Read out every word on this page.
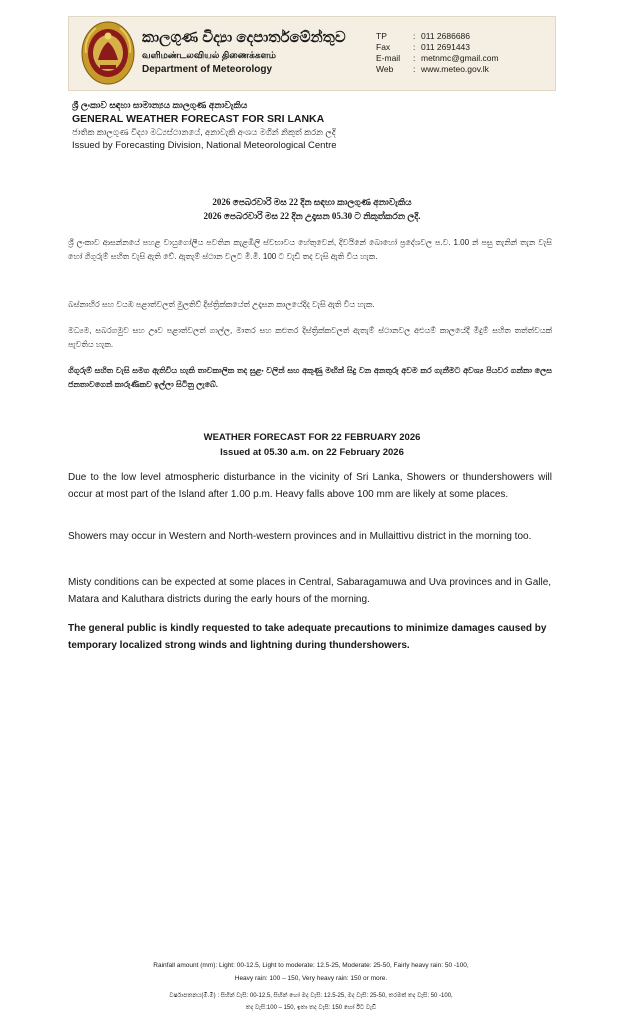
කාලගුණ විද්‍යා දෙපාර්තමේන්තුව

வளிமண்டலவியல் திணைக்களம்

Department of Meteorology

TP	: 011 2686686
Fax	: 011 2691443
E-mail	: metnmc@gmail.com
Web	: www.meteo.gov.lk
ශ්‍රී ලංකාව සඳහා සාමාන්‍යය කාලගුණ අනාවැකිය
GENERAL WEATHER FORECAST FOR SRI LANKA
ජාතික කාලගුණ විද්‍යා මධ්‍යස්ථානයේ, අනාවැකි අංශය මගින් නිකුත් කරන ලදි
Issued by Forecasting Division, National Meteorological Centre
2026 පෙබරවාරි මස 22 දින සඳහා කාලගුණ අනාවැකිය
2026 පෙබරවාරි මස 22 දින උදෑසන 05.30 ට නිකුත්කරන ලදි.

ශ්‍රී ලංකාව ආසන්නයේ පහළ වායුගෝලීය පවතින කැළඹිලි ස්වභාවය හේතුවෙන්, දිවයිනේ බොහෝ ප්‍රදේශවල ප.ව. 1.00 න් පසු තැනින් තැන වැසි හෝ ගිගුරුම් සහිත වැසි ඇති වේ. ඇතැම් ස්ථාන වලට මි.මී. 100 ට වැඩි තද වැසි ඇති විය හැක.

බස්නාහිර සහ වයඹ පළාත්වලත් මුලතිව් දිස්ත්‍රික්කයේත් උදෑසන කාලයේදිද වැසි ඇති විය හැක.

මධ්‍යම, සබරගමුව සහ ඌව පළාත්වලත් ගාල්ල, මාතර සහ කළුතර දිස්ත්‍රික්කවලත් ඇතැම් ස්ථානවල අළුයම් කාලයේදී මීදුම් සහිත තත්ත්වයක් පැවතිය හැක.

ගිගුරුම් සහිත වැසි සමග ඇතිවිය හැකි තාවකාලික තද සුළං වලින් සහ අකුණු මඟින් සිදු වන අනතුරු අවම කර ගැනීමට අවශ්‍ය පියවර ගන්නා ලෙස ජනතාවගෙන් කාරුණිකව ඉල්ලා සිටිනු ලැබේ.

WEATHER FORECAST FOR 22 FEBRUARY 2026
Issued at 05.30 a.m. on 22 February 2026

Due to the low level atmospheric disturbance in the vicinity of Sri Lanka, Showers or thundershowers will occur at most part of the Island after 1.00 p.m. Heavy falls above 100 mm are likely at some places.

Showers may occur in Western and North-western provinces and in Mullaittivu district in the morning too.

Misty conditions can be expected at some places in Central, Sabaragamuwa and Uva provinces and in Galle, Matara and Kaluthara districts during the early hours of the morning.

The general public is kindly requested to take adequate precautions to minimize damages caused by temporary localized strong winds and lightning during thundershowers.

Rainfall amount (mm): Light: 00-12.5, Light to moderate: 12.5-25, Moderate: 25-50, Fairly heavy rain: 50 -100,
Heavy rain: 100 – 150, Very heavy rain: 150 or more.
වර්ෂාපතනය(මි.මී) : සිහින් වැසි: 00-12.5, සිහින් හෝ මද වැසි: 12.5-25, මද වැසි: 25-50, තරමක් තද වැසි: 50 -100,
තද වැසි:100 – 150, ඉතා තද වැසි: 150 හෝ ඊට වැඩි
